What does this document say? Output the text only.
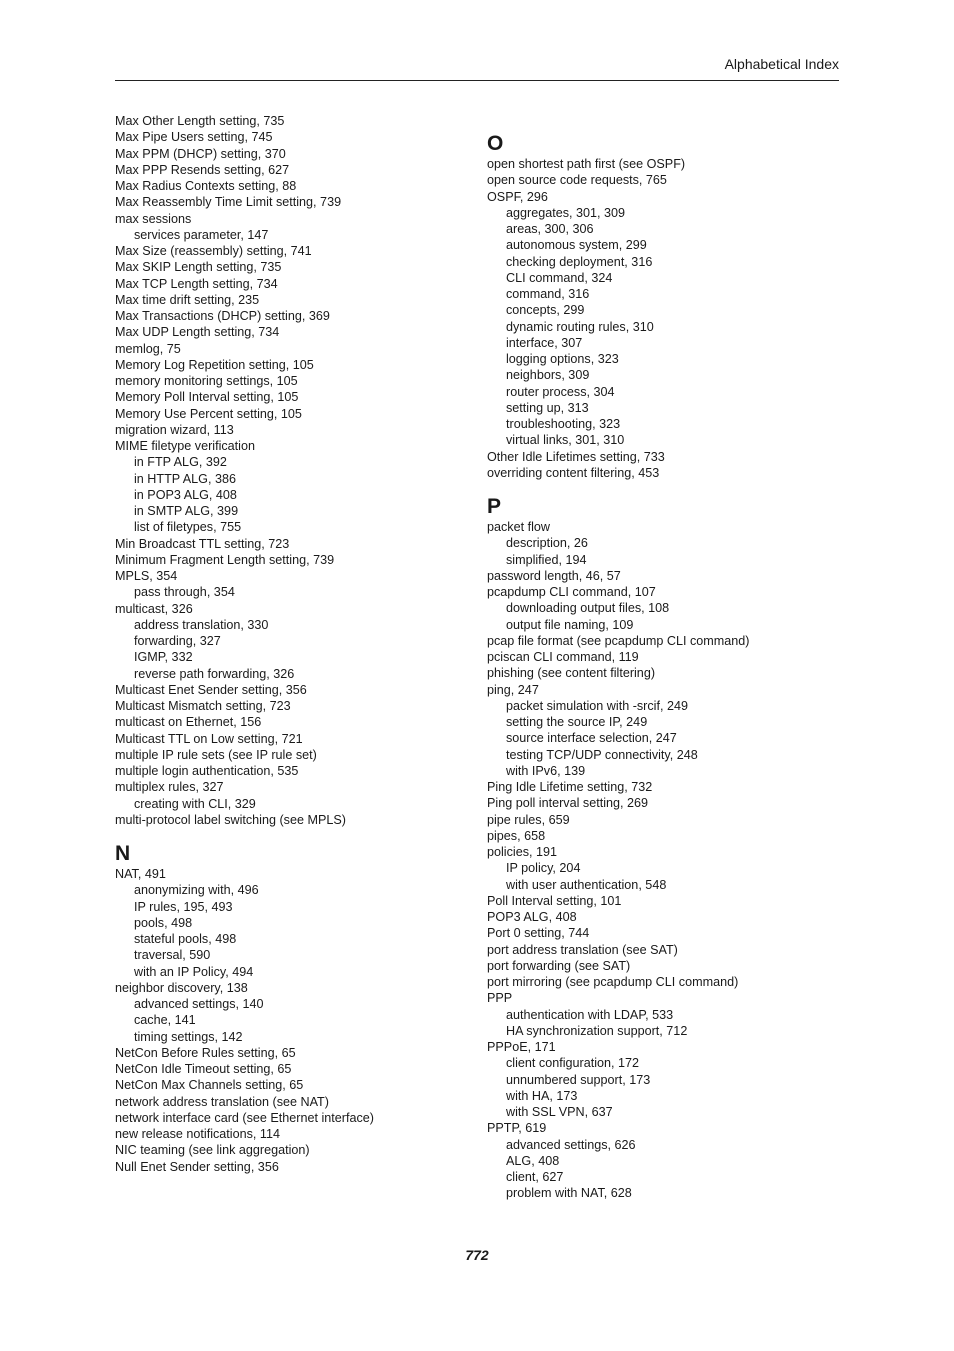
Alphabetical Index
Max Other Length setting, 735
Max Pipe Users setting, 745
Max PPM (DHCP) setting, 370
Max PPP Resends setting, 627
Max Radius Contexts setting, 88
Max Reassembly Time Limit setting, 739
max sessions
services parameter, 147
Max Size (reassembly) setting, 741
Max SKIP Length setting, 735
Max TCP Length setting, 734
Max time drift setting, 235
Max Transactions (DHCP) setting, 369
Max UDP Length setting, 734
memlog, 75
Memory Log Repetition setting, 105
memory monitoring settings, 105
Memory Poll Interval setting, 105
Memory Use Percent setting, 105
migration wizard, 113
MIME filetype verification
in FTP ALG, 392
in HTTP ALG, 386
in POP3 ALG, 408
in SMTP ALG, 399
list of filetypes, 755
Min Broadcast TTL setting, 723
Minimum Fragment Length setting, 739
MPLS, 354
pass through, 354
multicast, 326
address translation, 330
forwarding, 327
IGMP, 332
reverse path forwarding, 326
Multicast Enet Sender setting, 356
Multicast Mismatch setting, 723
multicast on Ethernet, 156
Multicast TTL on Low setting, 721
multiple IP rule sets (see IP rule set)
multiple login authentication, 535
multiplex rules, 327
creating with CLI, 329
multi-protocol label switching (see MPLS)
N
NAT, 491
anonymizing with, 496
IP rules, 195, 493
pools, 498
stateful pools, 498
traversal, 590
with an IP Policy, 494
neighbor discovery, 138
advanced settings, 140
cache, 141
timing settings, 142
NetCon Before Rules setting, 65
NetCon Idle Timeout setting, 65
NetCon Max Channels setting, 65
network address translation (see NAT)
network interface card (see Ethernet interface)
new release notifications, 114
NIC teaming (see link aggregation)
Null Enet Sender setting, 356
O
open shortest path first (see OSPF)
open source code requests, 765
OSPF, 296
aggregates, 301, 309
areas, 300, 306
autonomous system, 299
checking deployment, 316
CLI command, 324
command, 316
concepts, 299
dynamic routing rules, 310
interface, 307
logging options, 323
neighbors, 309
router process, 304
setting up, 313
troubleshooting, 323
virtual links, 301, 310
Other Idle Lifetimes setting, 733
overriding content filtering, 453
P
packet flow
description, 26
simplified, 194
password length, 46, 57
pcapdump CLI command, 107
downloading output files, 108
output file naming, 109
pcap file format (see pcapdump CLI command)
pciscan CLI command, 119
phishing (see content filtering)
ping, 247
packet simulation with -srcif, 249
setting the source IP, 249
source interface selection, 247
testing TCP/UDP connectivity, 248
with IPv6, 139
Ping Idle Lifetime setting, 732
Ping poll interval setting, 269
pipe rules, 659
pipes, 658
policies, 191
IP policy, 204
with user authentication, 548
Poll Interval setting, 101
POP3 ALG, 408
Port 0 setting, 744
port address translation (see SAT)
port forwarding (see SAT)
port mirroring (see pcapdump CLI command)
PPP
authentication with LDAP, 533
HA synchronization support, 712
PPPoE, 171
client configuration, 172
unnumbered support, 173
with HA, 173
with SSL VPN, 637
PPTP, 619
advanced settings, 626
ALG, 408
client, 627
problem with NAT, 628
772
